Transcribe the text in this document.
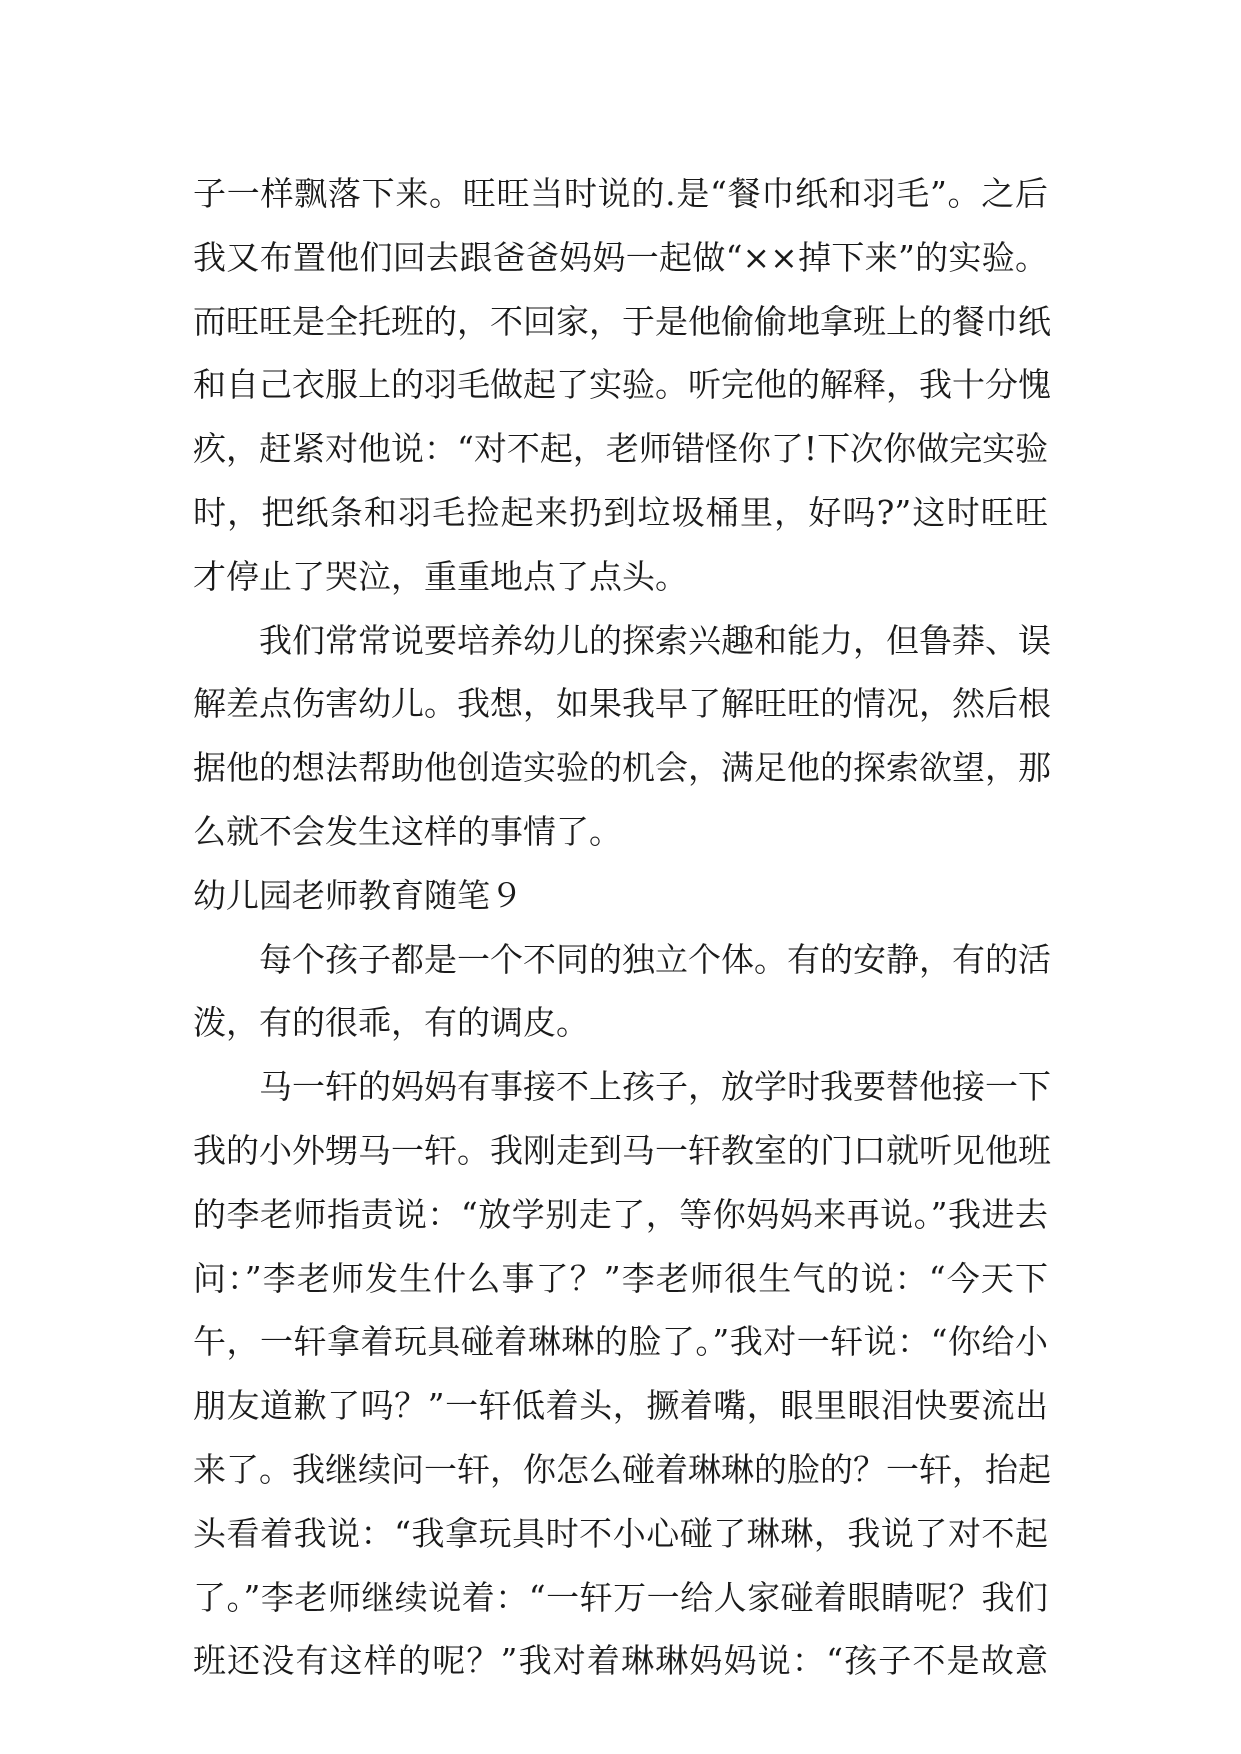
子一样飘落下来。旺旺当时说的.是“餐巾纸和羽毛”。之后
我又布置他们回去跟爸爸妈妈一起做“××掉下来”的实验。
而旺旺是全托班的，不回家，于是他偷偷地拿班上的餐巾纸
和自己衣服上的羽毛做起了实验。听完他的解释，我十分愧
疚，赶紧对他说：“对不起，老师错怪你了!下次你做完实验
时，把纸条和羽毛捡起来扔到垃圾桶里，好吗?”这时旺旺
才停止了哭泣，重重地点了点头。
我们常常说要培养幼儿的探索兴趣和能力，但鲁莽、误
解差点伤害幼儿。我想，如果我早了解旺旺的情况，然后根
据他的想法帮助他创造实验的机会，满足他的探索欲望，那
么就不会发生这样的事情了。
幼儿园老师教育随笔９
每个孩子都是一个不同的独立个体。有的安静，有的活
泼，有的很乖，有的调皮。
马一轩的妈妈有事接不上孩子，放学时我要替他接一下
我的小外甥马一轩。我刚走到马一轩教室的门口就听见他班
的李老师指责说：“放学别走了，等你妈妈来再说。”我进去
问：”李老师发生什么事了？”李老师很生气的说：“今天下
午，一轩拿着玩具碰着琳琳的脸了。”我对一轩说：“你给小
朋友道歉了吗？”一轩低着头，撅着嘴，眼里眼泪快要流出
来了。我继续问一轩，你怎么碰着琳琳的脸的？一轩，抬起
头看着我说：“我拿玩具时不小心碰了琳琳，我说了对不起
了。”李老师继续说着：“一轩万一给人家碰着眼睛呢？我们
班还没有这样的呢？”我对着琳琳妈妈说：“孩子不是故意
